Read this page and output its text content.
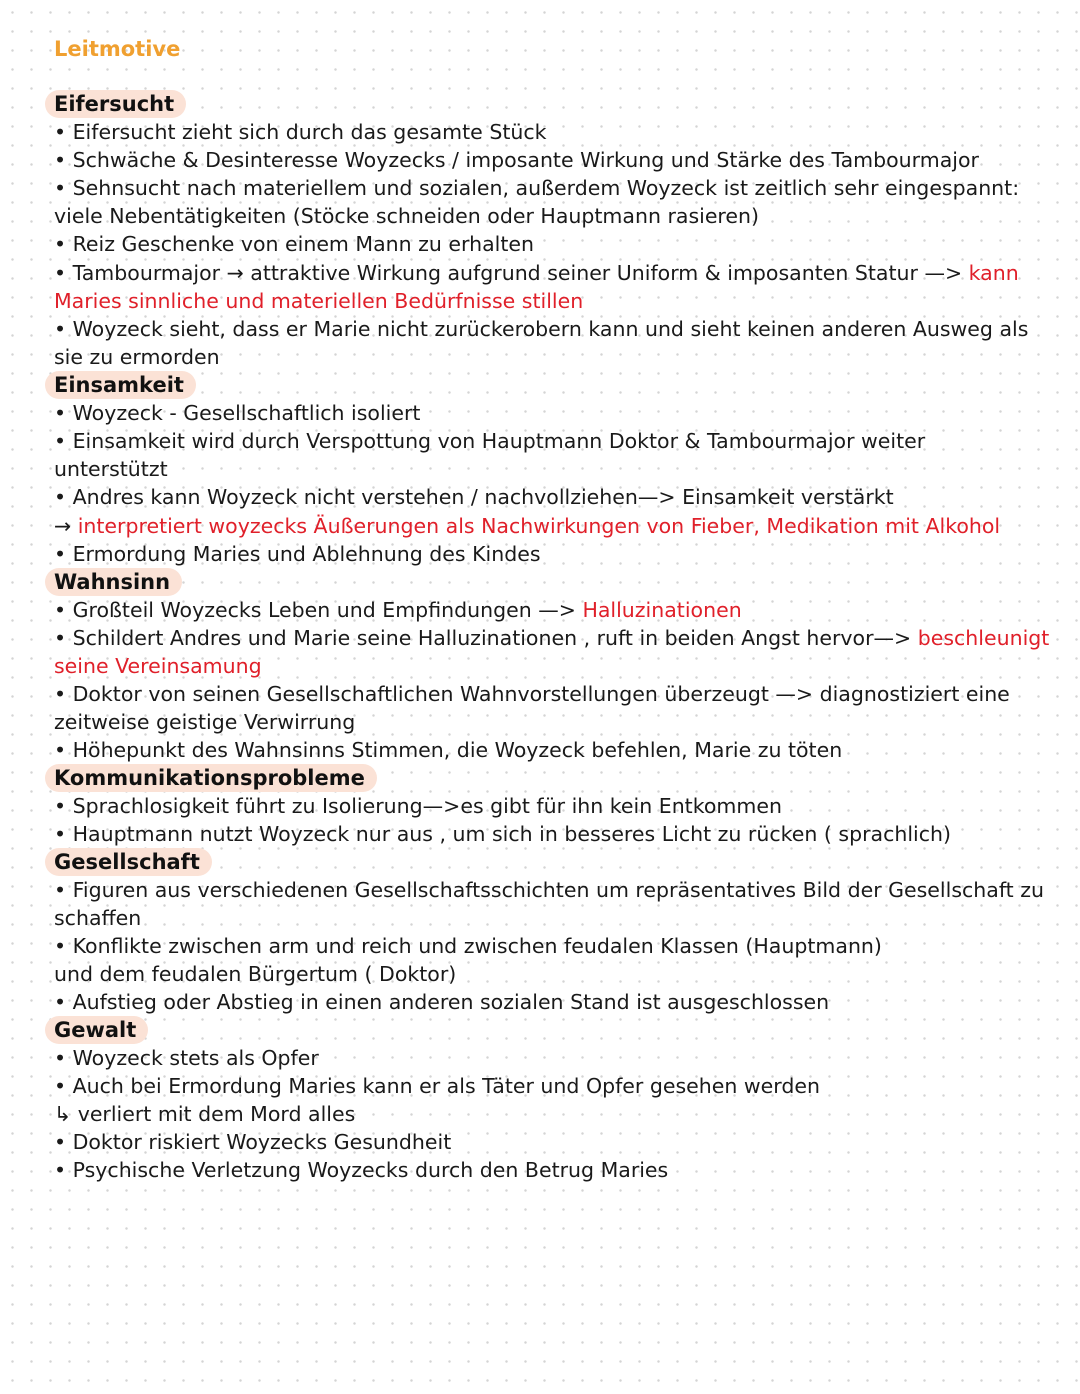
Leitmotive
Eifersucht
• Eifersucht zieht sich durch das gesamte Stück
• Schwäche & Desinteresse Woyzecks / imposante Wirkung und Stärke des Tambourmajor
• Sehnsucht nach materiellem und sozialen, außerdem Woyzeck ist zeitlich sehr eingespannt:
viele Nebentätigkeiten (Stöcke schneiden oder Hauptmann rasieren)
• Reiz Geschenke von einem Mann zu erhalten
• Tambourmajor → attraktive Wirkung aufgrund seiner Uniform & imposanten Statur —> kann
Maries sinnliche und materiellen Bedürfnisse stillen
• Woyzeck sieht, dass er Marie nicht zurückerobern kann und sieht keinen anderen Ausweg als
sie zu ermorden
Einsamkeit
• Woyzeck - Gesellschaftlich isoliert
• Einsamkeit wird durch Verspottung von Hauptmann Doktor & Tambourmajor weiter
unterstützt
• Andres kann Woyzeck nicht verstehen / nachvollziehen—> Einsamkeit verstärkt
→ interpretiert woyzecks Äußerungen als Nachwirkungen von Fieber, Medikation mit Alkohol
• Ermordung Maries und Ablehnung des Kindes
Wahnsinn
• Großteil Woyzecks Leben und Empfindungen —> Halluzinationen
• Schildert Andres und Marie seine Halluzinationen , ruft in beiden Angst hervor—> beschleunigt
seine Vereinsamung
• Doktor von seinen Gesellschaftlichen Wahnvorstellungen überzeugt —> diagnostiziert eine
zeitweise geistige Verwirrung
• Höhepunkt des Wahnsinns Stimmen, die Woyzeck befehlen, Marie zu töten
Kommunikationsprobleme
• Sprachlosigkeit führt zu Isolierung—>es gibt für ihn kein Entkommen
• Hauptmann nutzt Woyzeck nur aus , um sich in besseres Licht zu rücken ( sprachlich)
Gesellschaft
• Figuren aus verschiedenen Gesellschaftsschichten um repräsentatives Bild der Gesellschaft zu
schaffen
• Konflikte zwischen arm und reich und zwischen feudalen Klassen (Hauptmann)
und dem feudalen Bürgertum ( Doktor)
• Aufstieg oder Abstieg in einen anderen sozialen Stand ist ausgeschlossen
Gewalt
• Woyzeck stets als Opfer
• Auch bei Ermordung Maries kann er als Täter und Opfer gesehen werden
↳ verliert mit dem Mord alles
• Doktor riskiert Woyzecks Gesundheit
• Psychische Verletzung Woyzecks durch den Betrug Maries
